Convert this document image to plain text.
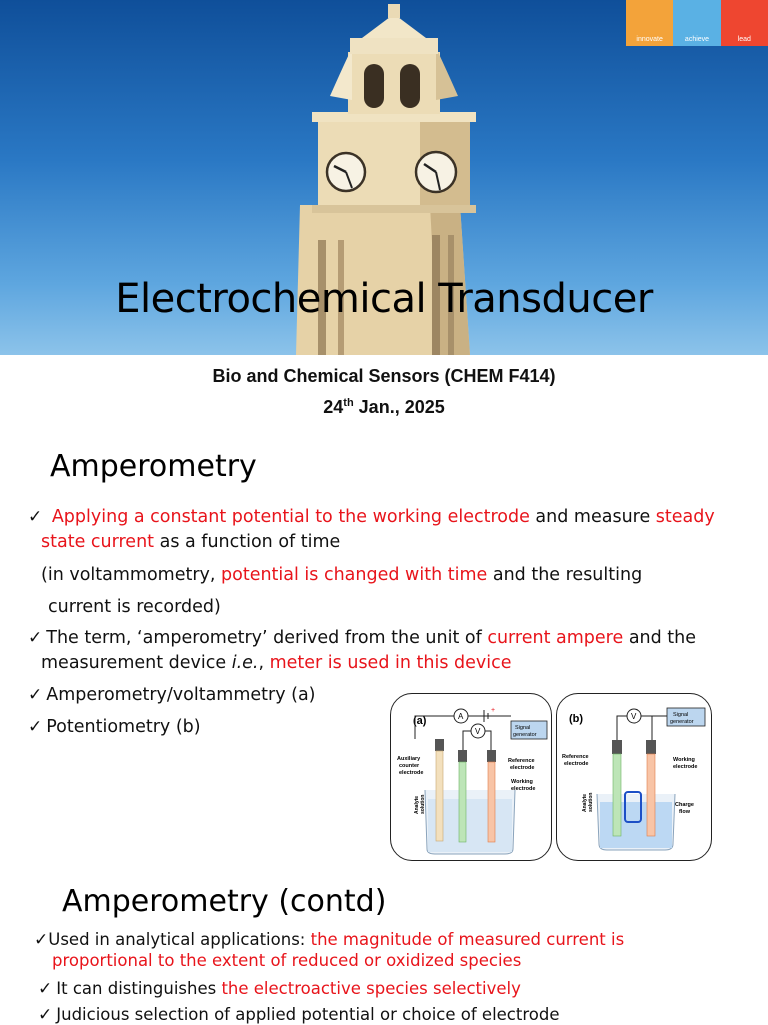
Electrochemical Transducer
innovate	achieve	lead
Bio and Chemical Sensors (CHEM F414)
24th Jan., 2025
Amperometry
✓ Applying a constant potential to the working electrode and measure steady
state current as a function of time
(in voltammometry, potential is changed with time and the resulting
current is recorded)
✓ The term, ‘amperometry’ derived from the unit of current ampere and the
measurement device i.e., meter is used in this device
✓ Amperometry/voltammetry (a)
✓ Potentiometry (b)	(a)	A
+
V	Signal
generator
Auxiliary
counter
electrode
Reference
electrode
Working
electrode
Analyte solution
(b)	V	Signal
generator
Reference
electrode
Working
electrode
Charge
flow
Analyte solution
Amperometry (contd)
✓Used in analytical applications: the magnitude of measured current is
proportional to the extent of reduced or oxidized species
✓ It can distinguishes the electroactive species selectively
✓ Judicious selection of applied potential or choice of electrode
